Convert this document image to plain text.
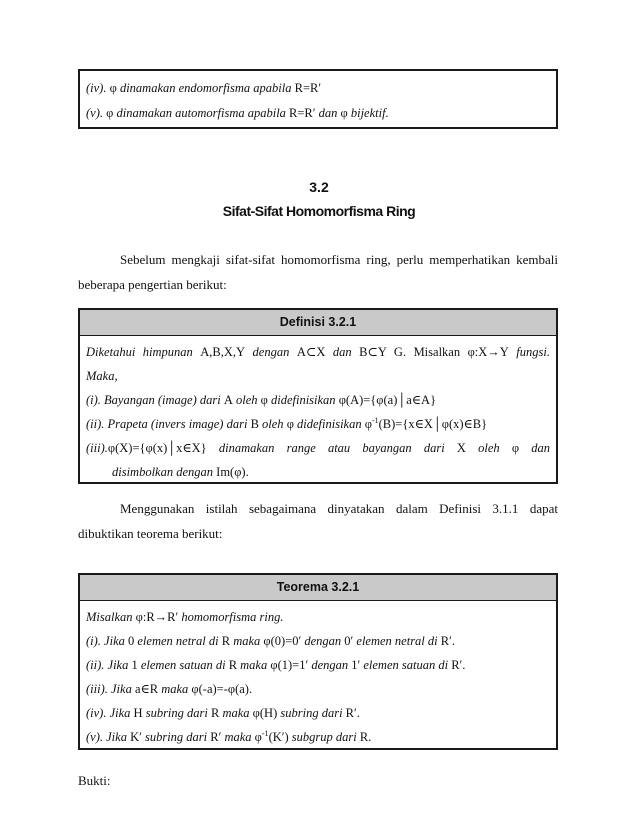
(iv). φ dinamakan endomorfisma apabila R=R′
(v). φ dinamakan automorfisma apabila R=R′ dan φ bijektif.
3.2
Sifat-Sifat Homomorfisma Ring
Sebelum mengkaji sifat-sifat homomorfisma ring, perlu memperhatikan kembali
beberapa pengertian berikut:
Definisi 3.2.1
Diketahui himpunan A,B,X,Y dengan A⊂X dan B⊂Y G. Misalkan φ:X→Y fungsi.
Maka,
(i). Bayangan (image) dari A oleh φ didefinisikan φ(A)={φ(a)│a∈A}
(ii). Prapeta (invers image) dari B oleh φ didefinisikan $\varphi^{-1}(B)=\{x\in X│\varphi(x)\in B\}$
(iii).φ(X)={φ(x)│x∈X} dinamakan range atau bayangan dari X oleh φ dan
disimbolkan dengan Im(φ).
Menggunakan istilah sebagaimana dinyatakan dalam Definisi 3.1.1 dapat
dibuktikan teorema berikut:
Teorema 3.2.1
Misalkan φ:R→R′ homomorfisma ring.
(i). Jika 0 elemen netral di R maka φ(0)=0′ dengan 0′ elemen netral di R′.
(ii). Jika 1 elemen satuan di R maka φ(1)=1′ dengan 1′ elemen satuan di R′.
(iii). Jika a∈R maka φ(-a)=-φ(a).
(iv). Jika H subring dari R maka φ(H) subring dari R′.
(v). Jika K′ subring dari R′ maka $\varphi^{-1}(K')$ subgrup dari R.
Bukti:
